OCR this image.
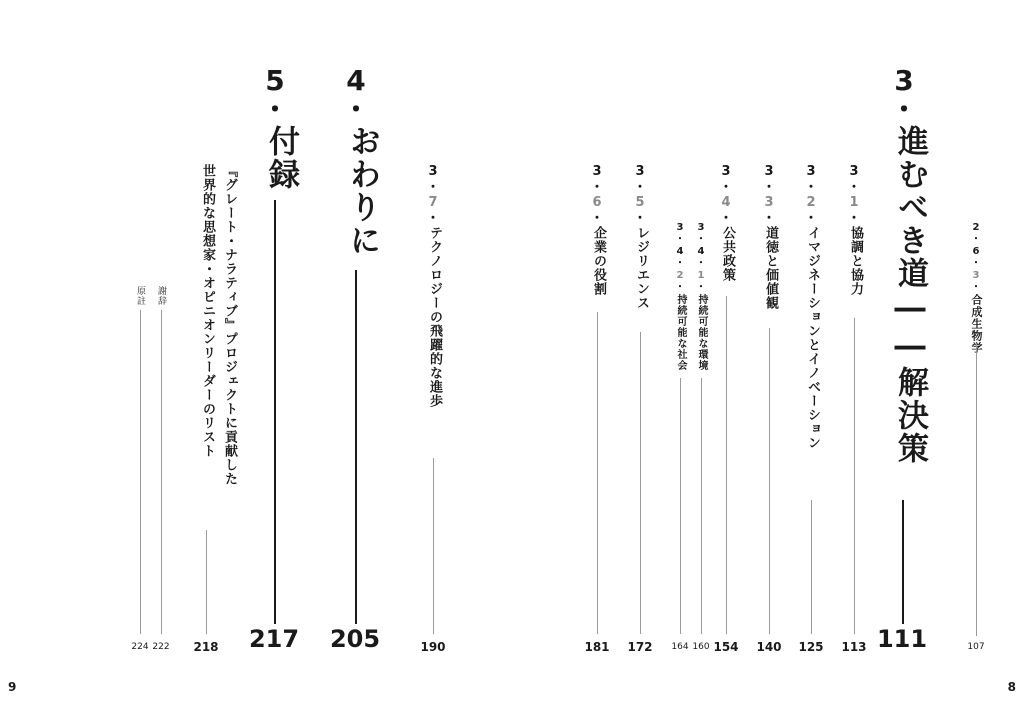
2
・
6
・
3
・
合成生物学
107
3
・
進むべき道――解決策
111
3
・
1
・
協調と協力
113
3
・
2
・
イマジネーションとイノベーション
125
3
・
3
・
道徳と価値観
140
3
・
4
・
公共政策
154
3
・
4
・
1
・
持続可能な環境
160
3
・
4
・
2
・
持続可能な社会
164
3
・
5
・
レジリエンス
172
3
・
6
・
企業の役割
181
3
・
7
・
テクノロジーの飛躍的な進歩
190
4
・
おわりに
205
5
・
付録
217
『グレート・ナラティブ』プロジェクトに貢献した
世界的な思想家・オピニオンリーダーのリスト
218
謝辞
222
原註
224
9	8
